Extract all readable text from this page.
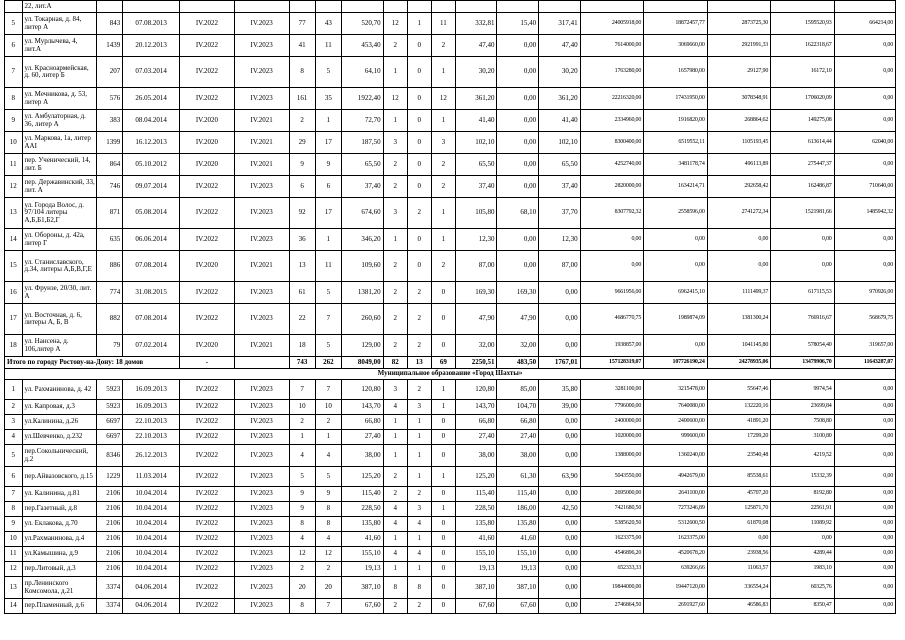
	22, лит.А																		
5	ул. Токарная, д. 84, литер А	843	07.08.2013	IV.2022	IV.2023	77	43	520,70	12	1	11	332,81	15,40	317,41	24005918,00	18872457,77	2873725,30	1595520,93	664214,00
6	ул. Мурлычева, 4, лит.А	1439	20.12.2013	IV.2022	IV.2023	41	11	453,40	2	0	2	47,40	0,00	47,40	7614000,00	3069660,00	2921991,33	1622318,67	0,00
7	ул. Красноармейская, д. 60, литер Б	207	07.03.2014	IV.2022	IV.2023	8	5	64,10	1	0	1	30,20	0,00	30,20	1763280,00	1657980,00	29127,90	16172,10	0,00
8	ул. Мечникова, д. 53, литер А	576	26.05.2014	IV.2022	IV.2023	161	35	1922,40	12	0	12	361,20	0,00	361,20	22216320,00	17431950,00	3078348,91	1706020,09	0,00
9	ул. Амбулаторная, д. 36, литер А	383	08.04.2014	IV.2020	IV.2021	2	1	72,70	1	0	1	41,40	0,00	41,40	2334960,00	1916820,00	268864,62	149275,08	0,00
10	ул. Маркова, 1а, литер ААI	1399	16.12.2013	IV.2020	IV.2021	29	17	187,50	3	0	3	102,10	0,00	102,10	8300400,00	6519552,11	1105193,45	613614,44	62040,00
11	пер. Ученический, 14, лит. Б	864	05.10.2012	IV.2020	IV.2021	9	9	65,50	2	0	2	65,50	0,00	65,50	4252740,00	3481178,74	496113,89	275447,37	0,00
12	пер. Державинский, 33, лит. А	746	09.07.2014	IV.2022	IV.2023	6	6	37,40	2	0	2	37,40	0,00	37,40	2820000,00	1634214,71	292658,42	162486,87	710640,00
13	ул. Города Волос, д. 97/104 литеры А,Б,Б1,Б2,Г	871	05.08.2014	IV.2022	IV.2023	92	17	674,60	3	2	1	105,80	68,10	37,70	8307792,32	2558596,00	2741272,34	1521981,66	1485942,32
14	ул. Обороны, д. 42а, литер Г	635	06.06.2014	IV.2022	IV.2023	36	1	346,20	1	0	1	12,30	0,00	12,30	0,00	0,00	0,00	0,00	0,00
15	ул. Станиславского, д.34, литеры А,Б,В,Г,Е	886	07.08.2014	IV.2020	IV.2021	13	11	109,60	2	0	2	87,00	0,00	87,00	0,00	0,00	0,00	0,00	0,00
16	ул. Фрунзе, 20/30, лит. А	774	31.08.2015	IV.2022	IV.2023	61	5	1381,20	2	2	0	169,30	169,30	0,00	9661956,00	6962415,10	1111499,37	617115,53	970926,00
17	ул. Восточная, д. 6, литеры А, Б, В	882	07.08.2014	IV.2022	IV.2023	22	7	260,60	2	2	0	47,90	47,90	0,00	4686770,75	1989874,09	1381300,24	766916,67	568679,75
18	ул. Нансена, д. 106,литер А	79	07.02.2014	IV.2020	IV.2021	18	5	129,00	2	2	0	32,00	32,00	0,00	1938857,00	0,00	1041145,80	578054,40	319657,00
Итого по городу Ростову-на-Дону: 18 домов				-		743	262	8049,00	82	13	69	2250,51	483,50	1767,01	157128319,07	107726190,24	24278935,06	13479906,70	11643287,07
Муниципальное образование «Город Шахты»																			
1	ул. Рахманинова, д. 42	5923	16.09.2013	IV.2022	IV.2023	7	7	120,80	3	2	1	120,80	85,00	35,80	3281100,00	3215478,00	55647,46	9974,54	0,00
2	ул. Капровая, д.3	5923	16.09.2013	IV.2022	IV.2023	10	10	143,70	4	3	1	143,70	104,70	39,00	7796000,00	7640080,00	132220,16	23699,84	0,00
3	ул.Калинина, д.26	6697	22.10.2013	IV.2022	IV.2023	2	2	66,80	1	1	0	66,80	66,80	0,00	2400000,00	2400600,00	41891,20	7508,80	0,00
4	ул.Шевченко, д.232	6697	22.10.2013	IV.2022	IV.2023	1	1	27,40	1	1	0	27,40	27,40	0,00	1020000,00	999600,00	17299,20	3100,80	0,00
5	пер.Сокольнический, д.2	8346	26.12.2013	IV.2022	IV.2023	4	4	38,00	1	1	0	38,00	38,00	0,00	1388000,00	1360240,00	23540,48	4219,52	0,00
6	пер.Айвазовского, д.15	1229	11.03.2014	IV.2022	IV.2023	5	5	125,20	2	1	1	125,20	61,30	63,90	5043550,00	4942679,00	85538,61	15332,39	0,00
7	ул. Калинина, д.81	2106	10.04.2014	IV.2022	IV.2023	9	9	115,40	2	2	0	115,40	115,40	0,00	2695000,00	2641100,00	45707,20	8192,80	0,00
8	пер.Газетный, д.8	2106	10.04.2014	IV.2022	IV.2023	9	8	228,50	4	3	1	228,50	186,00	42,50	7421680,50	7273246,89	125871,70	22561,91	0,00
9	ул. Еклакова, д.70	2106	10.04.2014	IV.2022	IV.2023	8	8	135,80	4	4	0	135,80	135,80	0,00	5385620,50	5312600,50	61870,08	11089,92	0,00
10	ул.Рахманинова, д.4	2106	10.04.2014	IV.2022	IV.2023	4	4	41,60	1	1	0	41,60	41,60	0,00	1623375,00	1623375,00	0,00	0,00	0,00
11	ул.Камышина, д.9	2106	10.04.2014	IV.2022	IV.2023	12	12	155,10	4	4	0	155,10	155,10	0,00	4546896,20	4520678,20	23938,56	4289,44	0,00
12	пер.Литовый, д.3	2106	10.04.2014	IV.2022	IV.2023	2	2	19,13	1	1	0	19,13	19,13	0,00	652333,33	639266,66	11063,57	1983,10	0,00
13	пр.Ленинского Комсомола, д.21	3374	04.06.2014	IV.2022	IV.2023	20	20	387,10	8	8	0	387,10	387,10	0,00	19844000,00	19447120,00	336554,24	60325,76	0,00
14	пер.Пламенный, д.6	3374	04.06.2014	IV.2022	IV.2023	8	7	67,60	2	2	0	67,60	67,60	0,00	2746864,50	2691927,60	46586,83	8350,47	0,00
